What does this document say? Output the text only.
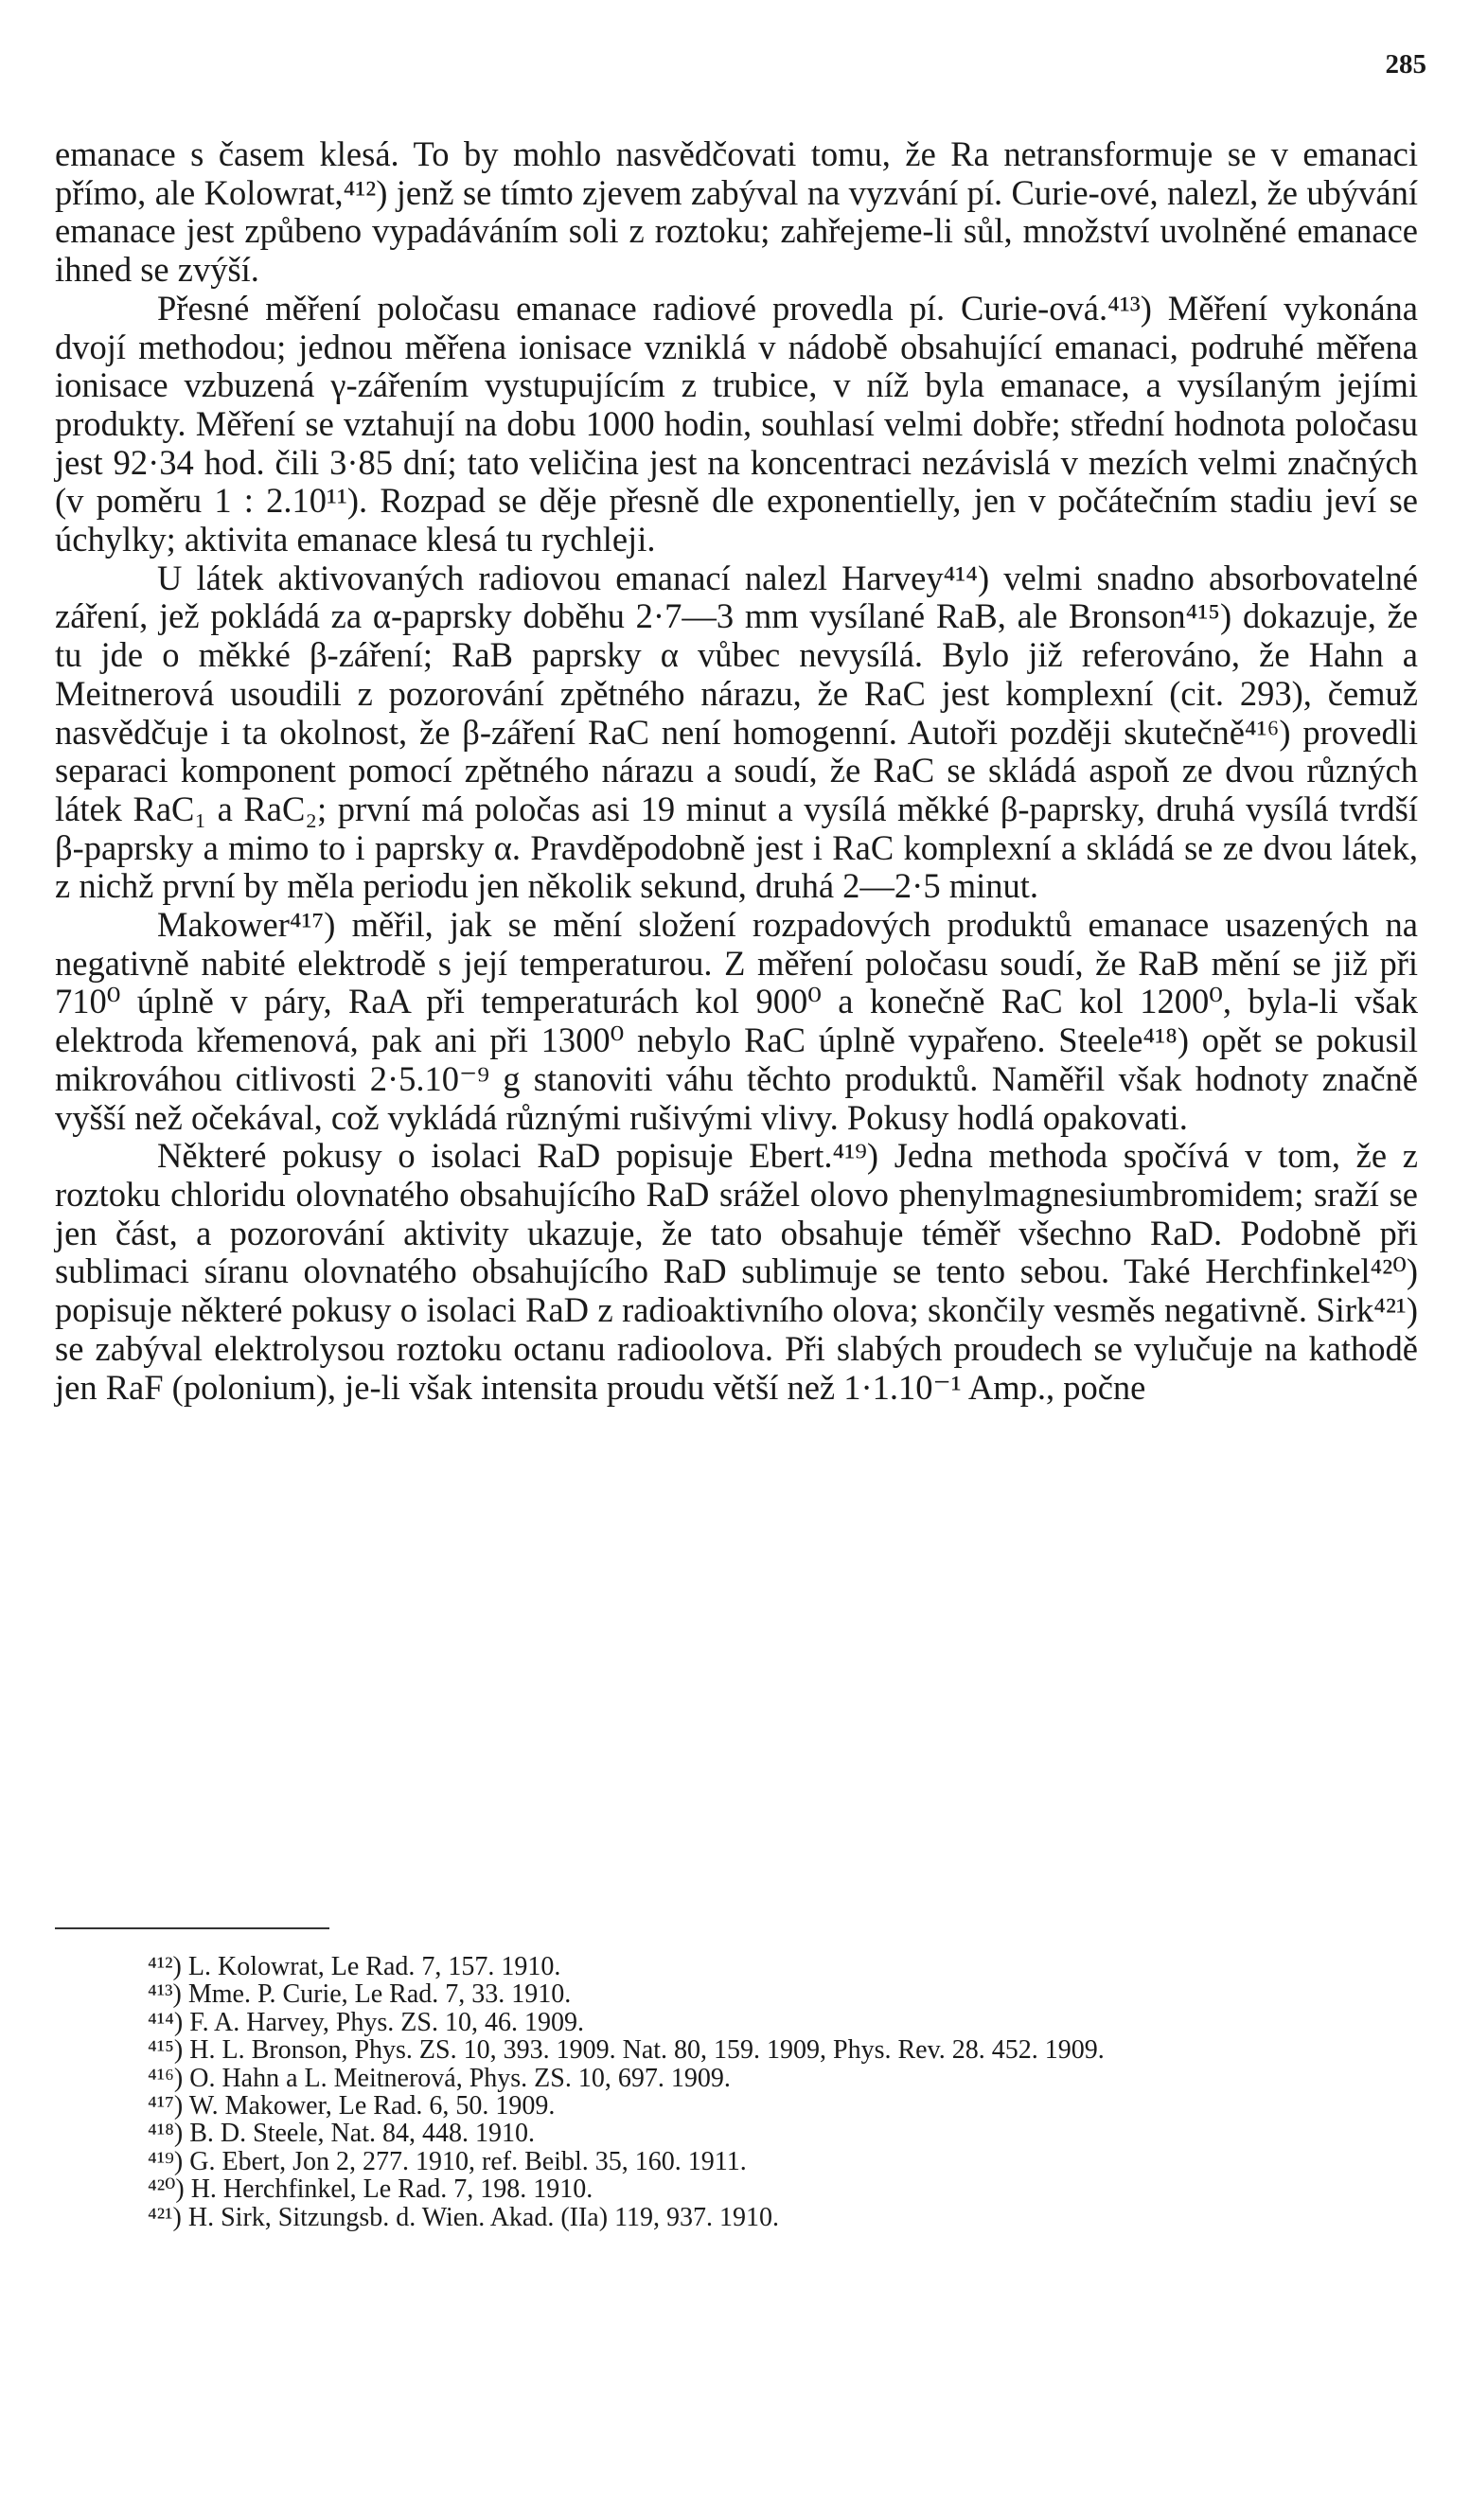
285

emanace s časem klesá. To by mohlo nasvědčovati tomu, že Ra netransformuje se v emanaci přímo, ale Kolowrat,⁴¹²) jenž se tímto zjevem zabýval na vyzvání pí. Curie-ové, nalezl, že ubývání emanace jest způbeno vypadáváním soli z roztoku; zahřejeme-li sůl, množství uvolněné emanace ihned se zvýší.

Přesné měření poločasu emanace radiové provedla pí. Curie-ová.⁴¹³) Měření vykonána dvojí methodou; jednou měřena ionisace vzniklá v nádobě obsahující emanaci, podruhé měřena ionisace vzbuzená γ-zářením vystupujícím z trubice, v níž byla emanace, a vysílaným jejími produkty. Měření se vztahují na dobu 1000 hodin, souhlasí velmi dobře; střední hodnota poločasu jest 92·34 hod. čili 3·85 dní; tato veličina jest na koncentraci nezávislá v mezích velmi značných (v poměru 1 : 2.10¹¹). Rozpad se děje přesně dle exponentielly, jen v počátečním stadiu jeví se úchylky; aktivita emanace klesá tu rychleji.

U látek aktivovaných radiovou emanací nalezl Harvey⁴¹⁴) velmi snadno absorbovatelné záření, jež pokládá za α-paprsky doběhu 2·7—3 mm vysílané RaB, ale Bronson⁴¹⁵) dokazuje, že tu jde o měkké β-záření; RaB paprsky α vůbec nevysílá. Bylo již referováno, že Hahn a Meitnerová usoudili z pozorování zpětného nárazu, že RaC jest komplexní (cit. 293), čemuž nasvědčuje i ta okolnost, že β-záření RaC není homogenní. Autoři později skutečně⁴¹⁶) provedli separaci komponent pomocí zpětného nárazu a soudí, že RaC se skládá aspoň ze dvou různých látek RaC₁ a RaC₂; první má poločas asi 19 minut a vysílá měkké β-paprsky, druhá vysílá tvrdší β-paprsky a mimo to i paprsky α. Pravděpodobně jest i RaC komplexní a skládá se ze dvou látek, z nichž první by měla periodu jen několik sekund, druhá 2—2·5 minut.

Makower⁴¹⁷) měřil, jak se mění složení rozpadových produktů emanace usazených na negativně nabité elektrodě s její temperaturou. Z měření poločasu soudí, že RaB mění se již při 710⁰ úplně v páry, RaA při temperaturách kol 900⁰ a konečně RaC kol 1200⁰, byla-li však elektroda křemenová, pak ani při 1300⁰ nebylo RaC úplně vypařeno. Steele⁴¹⁸) opět se pokusil mikrováhou citlivosti 2·5.10⁻⁹ g stanoviti váhu těchto produktů. Naměřil však hodnoty značně vyšší než očekával, což vykládá různými rušivými vlivy. Pokusy hodlá opakovati.

Některé pokusy o isolaci RaD popisuje Ebert.⁴¹⁹) Jedna methoda spočívá v tom, že z roztoku chloridu olovnatého obsahujícího RaD srážel olovo phenylmagnesiumbromidem; sraží se jen část, a pozorování aktivity ukazuje, že tato obsahuje téměř všechno RaD. Podobně při sublimaci síranu olovnatého obsahujícího RaD sublimuje se tento sebou. Také Herchfinkel⁴²⁰) popisuje některé pokusy o isolaci RaD z radioaktivního olova; skončily vesměs negativně. Sirk⁴²¹) se zabýval elektrolysou roztoku octanu radioolova. Při slabých proudech se vylučuje na kathodě jen RaF (polonium), je-li však intensita proudu větší než 1·1.10⁻¹ Amp., počne

⁴¹²) L. Kolowrat, Le Rad. 7, 157. 1910.

⁴¹³) Mme. P. Curie, Le Rad. 7, 33. 1910.

⁴¹⁴) F. A. Harvey, Phys. ZS. 10, 46. 1909.

⁴¹⁵) H. L. Bronson, Phys. ZS. 10, 393. 1909. Nat. 80, 159. 1909, Phys. Rev. 28. 452. 1909.

⁴¹⁶) O. Hahn a L. Meitnerová, Phys. ZS. 10, 697. 1909.

⁴¹⁷) W. Makower, Le Rad. 6, 50. 1909.

⁴¹⁸) B. D. Steele, Nat. 84, 448. 1910.

⁴¹⁹) G. Ebert, Jon 2, 277. 1910, ref. Beibl. 35, 160. 1911.

⁴²⁰) H. Herchfinkel, Le Rad. 7, 198. 1910.

⁴²¹) H. Sirk, Sitzungsb. d. Wien. Akad. (IIa) 119, 937. 1910.
